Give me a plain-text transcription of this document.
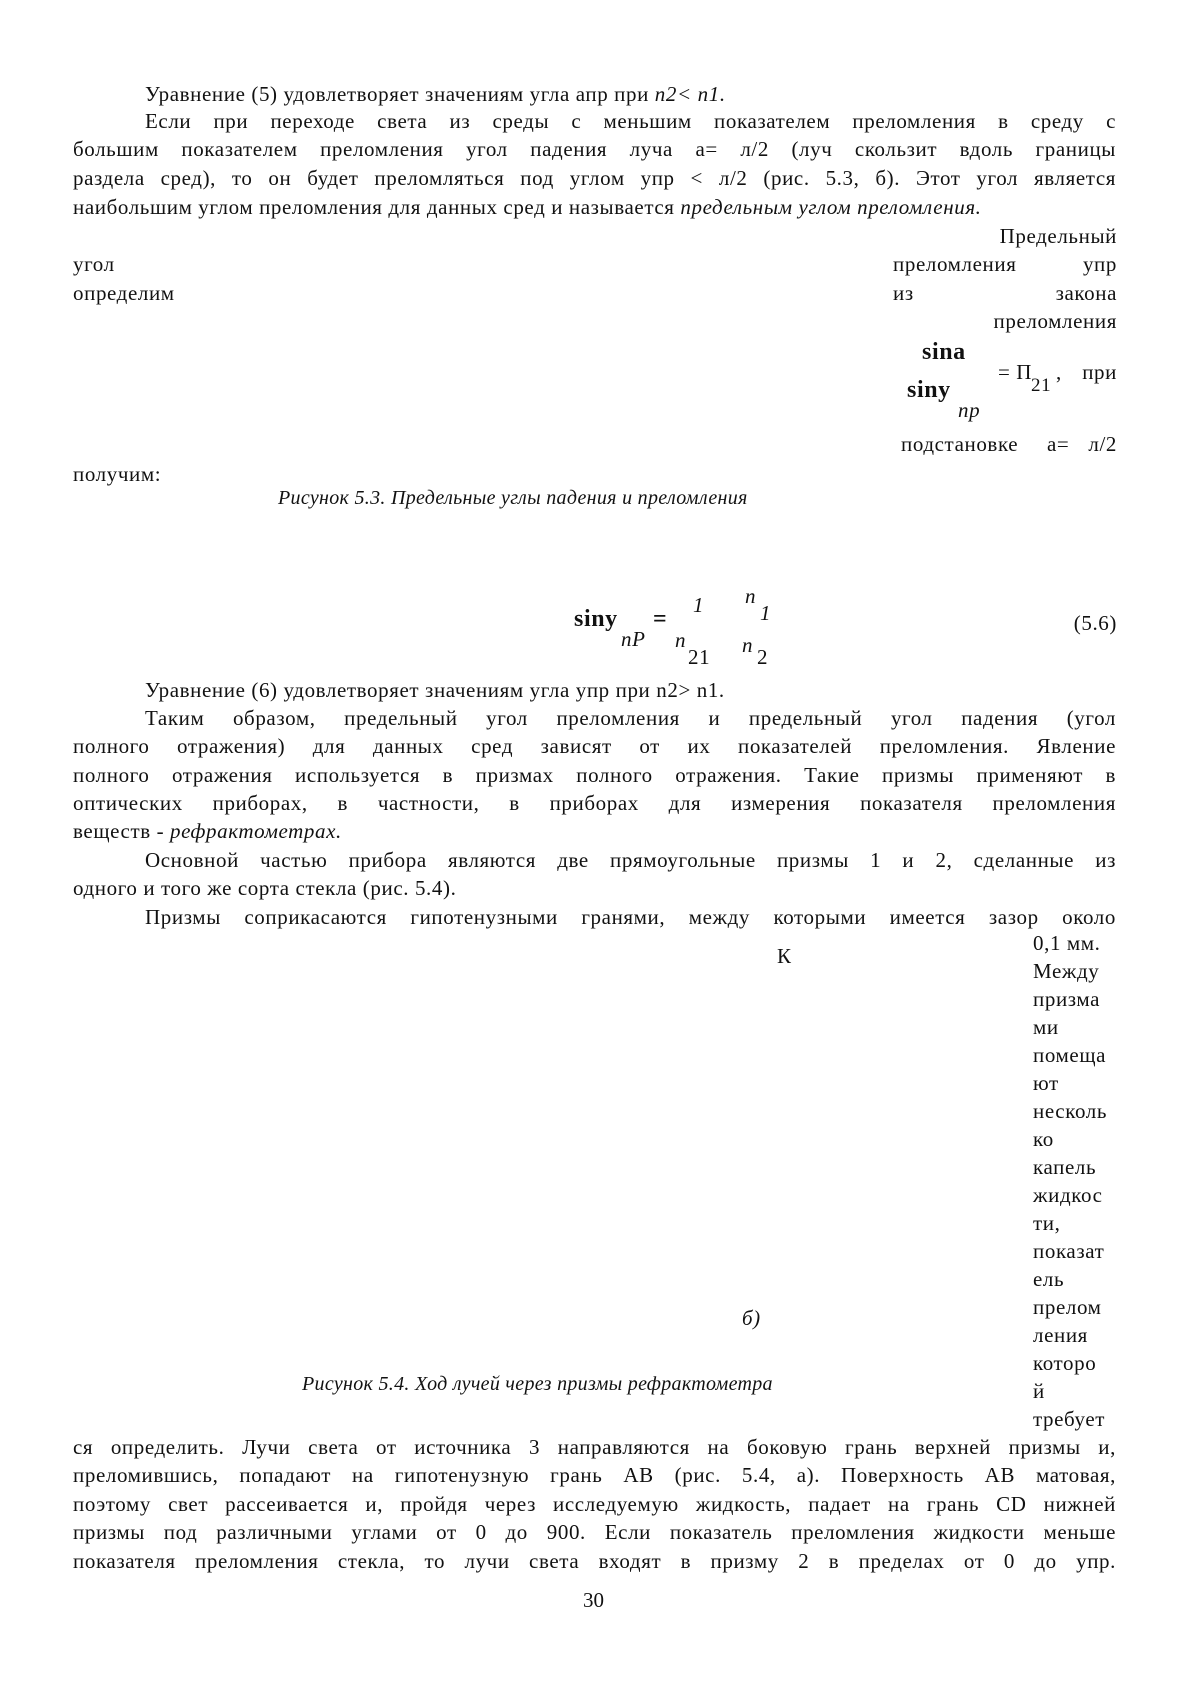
Уравнение (5) удовлетворяет значениям угла апр при n2< n1.
Если при переходе света из среды с меньшим показателем преломления в среду с
большим показателем преломления угол падения луча а= л/2 (луч скользит вдоль границы
раздела сред), то он будет преломляться под углом упр < л/2 (рис. 5.3, б). Этот угол является
наибольшим углом преломления для данных сред и называется предельным углом преломления.
Предельный
угол	преломления	упр
определим	из	закона
преломления
sina
siny
np
= П
21
, при
подстановке а= л/2
получим:
Рисунок 5.3. Предельные углы падения и преломления
siny
nP
=
1
n
21
n
1
n 2
(5.6)
Уравнение (6) удовлетворяет значениям угла упр при n2> n1.
Таким образом, предельный угол преломления и предельный угол падения (угол
полного отражения) для данных сред зависят от их показателей преломления. Явление
полного отражения используется в призмах полного отражения. Такие призмы применяют в
оптических приборах, в частности, в приборах для измерения показателя преломления
веществ - рефрактометрах.
Основной частью прибора являются две прямоугольные призмы 1 и 2, сделанные из
одного и того же сорта стекла (рис. 5.4).
Призмы соприкасаются гипотенузными гранями, между которыми имеется зазор около
К
б)
Рисунок 5.4. Ход лучей через призмы рефрактометра
0,1 мм.
Между
призма
ми
помеща
ют
несколь
ко
капель
жидкос
ти,
показат
ель
прелом
ления
которо
й
требует
ся определить. Лучи света от источника 3 направляются на боковую грань верхней призмы и,
преломившись, попадают на гипотенузную грань АВ (рис. 5.4, а). Поверхность АВ матовая,
поэтому свет рассеивается и, пройдя через исследуемую жидкость, падает на грань CD нижней
призмы под различными углами от 0 до 900. Если показатель преломления жидкости меньше
показателя преломления стекла, то лучи света входят в призму 2 в пределах от 0 до упр.
30
